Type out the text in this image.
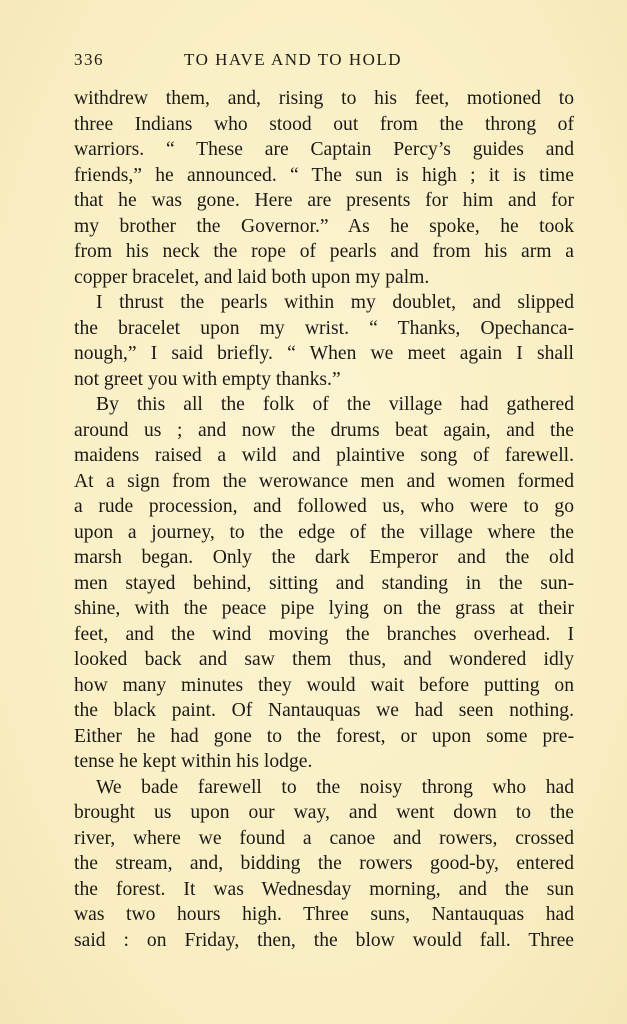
336	TO HAVE AND TO HOLD
withdrew them, and, rising to his feet, motioned to
three Indians who stood out from the throng of
warriors. “ These are Captain Percy’s guides and
friends,” he announced. “ The sun is high ; it is time
that he was gone. Here are presents for him and for
my brother the Governor.” As he spoke, he took
from his neck the rope of pearls and from his arm a
copper bracelet, and laid both upon my palm.
I thrust the pearls within my doublet, and slipped
the bracelet upon my wrist. “ Thanks, Opechanca-
nough,” I said briefly. “ When we meet again I shall
not greet you with empty thanks.”
By this all the folk of the village had gathered
around us ; and now the drums beat again, and the
maidens raised a wild and plaintive song of farewell.
At a sign from the werowance men and women formed
a rude procession, and followed us, who were to go
upon a journey, to the edge of the village where the
marsh began. Only the dark Emperor and the old
men stayed behind, sitting and standing in the sun-
shine, with the peace pipe lying on the grass at their
feet, and the wind moving the branches overhead. I
looked back and saw them thus, and wondered idly
how many minutes they would wait before putting on
the black paint. Of Nantauquas we had seen nothing.
Either he had gone to the forest, or upon some pre-
tense he kept within his lodge.
We bade farewell to the noisy throng who had
brought us upon our way, and went down to the
river, where we found a canoe and rowers, crossed
the stream, and, bidding the rowers good-by, entered
the forest. It was Wednesday morning, and the sun
was two hours high. Three suns, Nantauquas had
said : on Friday, then, the blow would fall. Three
